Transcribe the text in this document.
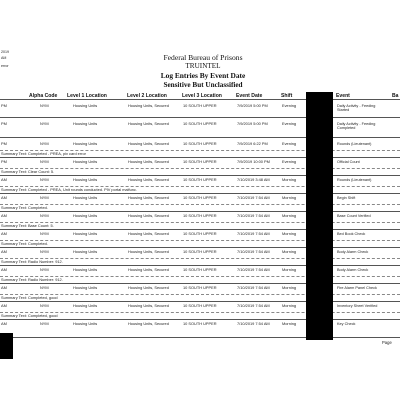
2019
AM
error
Federal Bureau of Prisons
TRUINTEL
Log Entries By Event Date
Sensitive But Unclassified
Alpha Code Level 1 Location	Level 2 Location	Level 3 Location	Event Date	Shift	Event	Ba
PM	NYM	Housing Units	Housing Units, Secured	10 SOUTH UPPER	7/9/2019 5:00 PM	Evening	Daily Activity - Feeding Started
PM	NYM	Housing Units	Housing Units, Secured	10 SOUTH UPPER	7/9/2019 5:00 PM	Evening	Daily Activity - Feeding Completed
PM	NYM	Housing Units	Housing Units, Secured	10 SOUTH UPPER	7/9/2019 6:22 PM	Evening	Rounds (Lieutenant)
Summary Text: Completed - PREA, piv card error
PM	NYM	Housing Units	Housing Units, Secured	10 SOUTH UPPER	7/9/2019 10:00 PM	Evening	Official Count
Summary Text: Clear Count: 5.
AM	NYM	Housing Units	Housing Units, Secured	10 SOUTH UPPER	7/10/2019 3:48 AM	Morning	Rounds (Lieutenant)
Summary Text: Completed - PREA, Unit rounds conducted. PIV portal malfunc.
AM	NYM	Housing Units	Housing Units, Secured	10 SOUTH UPPER	7/10/2019 7:54 AM	Morning	Begin Shift
Summary Text: Completed.
AM	NYM	Housing Units	Housing Units, Secured	10 SOUTH UPPER	7/10/2019 7:54 AM	Morning	Base Count Verified
Summary Text: Base Count: 5.
AM	NYM	Housing Units	Housing Units, Secured	10 SOUTH UPPER	7/10/2019 7:54 AM	Morning	Bed Book Check
Summary Text: Completed.
AM	NYM	Housing Units	Housing Units, Secured	10 SOUTH UPPER	7/10/2019 7:54 AM	Morning	Body Alarm Check
Summary Text: Radio Number: 912.
AM	NYM	Housing Units	Housing Units, Secured	10 SOUTH UPPER	7/10/2019 7:54 AM	Morning	Body Alarm Check
Summary Text: Radio Number: 912.
AM	NYM	Housing Units	Housing Units, Secured	10 SOUTH UPPER	7/10/2019 7:54 AM	Morning	Fire Alarm Panel Check
Summary Text: Completed, good
AM	NYM	Housing Units	Housing Units, Secured	10 SOUTH UPPER	7/10/2019 7:54 AM	Morning	Inventory Sheet Verified
Summary Text: Completed, good
AM	NYM	Housing Units	Housing Units, Secured	10 SOUTH UPPER	7/10/2019 7:54 AM	Morning	Key Check
Page
